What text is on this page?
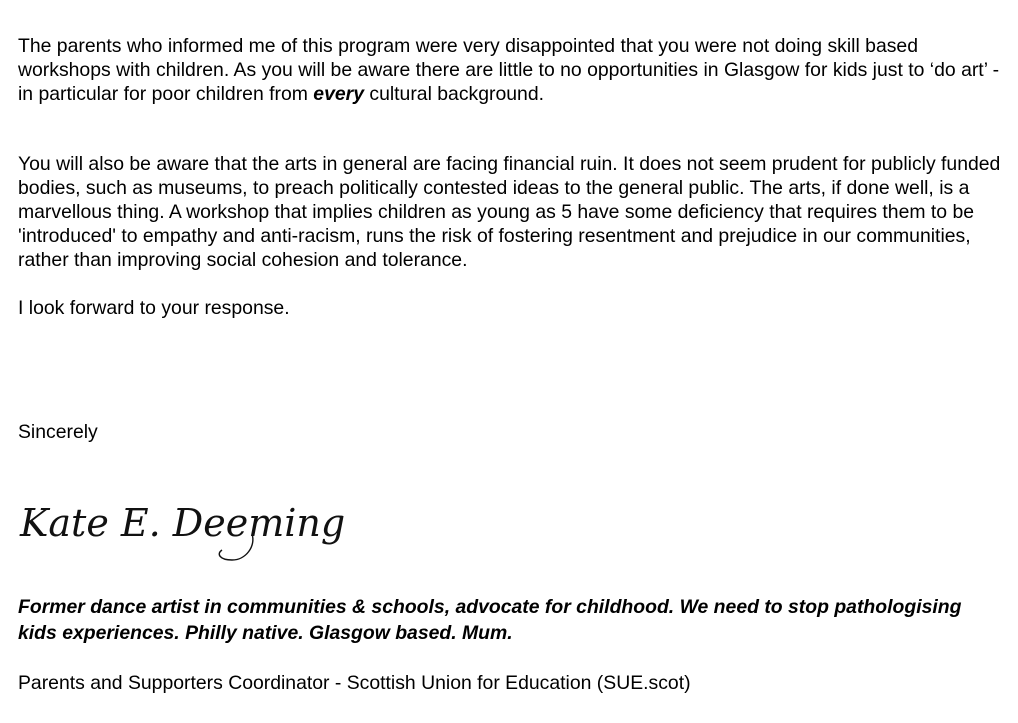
The parents who informed me of this program were very disappointed that you were not doing skill based workshops with children. As you will be aware there are little to no opportunities in Glasgow for kids just to ‘do art’ -in particular for poor children from every cultural background.

You will also be aware that the arts in general are facing financial ruin. It does not seem prudent for publicly funded bodies, such as museums, to preach politically contested ideas to the general public. The arts, if done well, is a marvellous thing. A workshop that implies children as young as 5 have some deficiency that requires them to be 'introduced' to empathy and anti-racism, runs the risk of fostering resentment and prejudice in our communities, rather than improving social cohesion and tolerance.

I look forward to your response.

Sincerely

Kate E. Deeming

Former dance artist in communities & schools, advocate for childhood. We need to stop pathologising kids experiences. Philly native. Glasgow based. Mum.

Parents and Supporters Coordinator - Scottish Union for Education (SUE.scot)
